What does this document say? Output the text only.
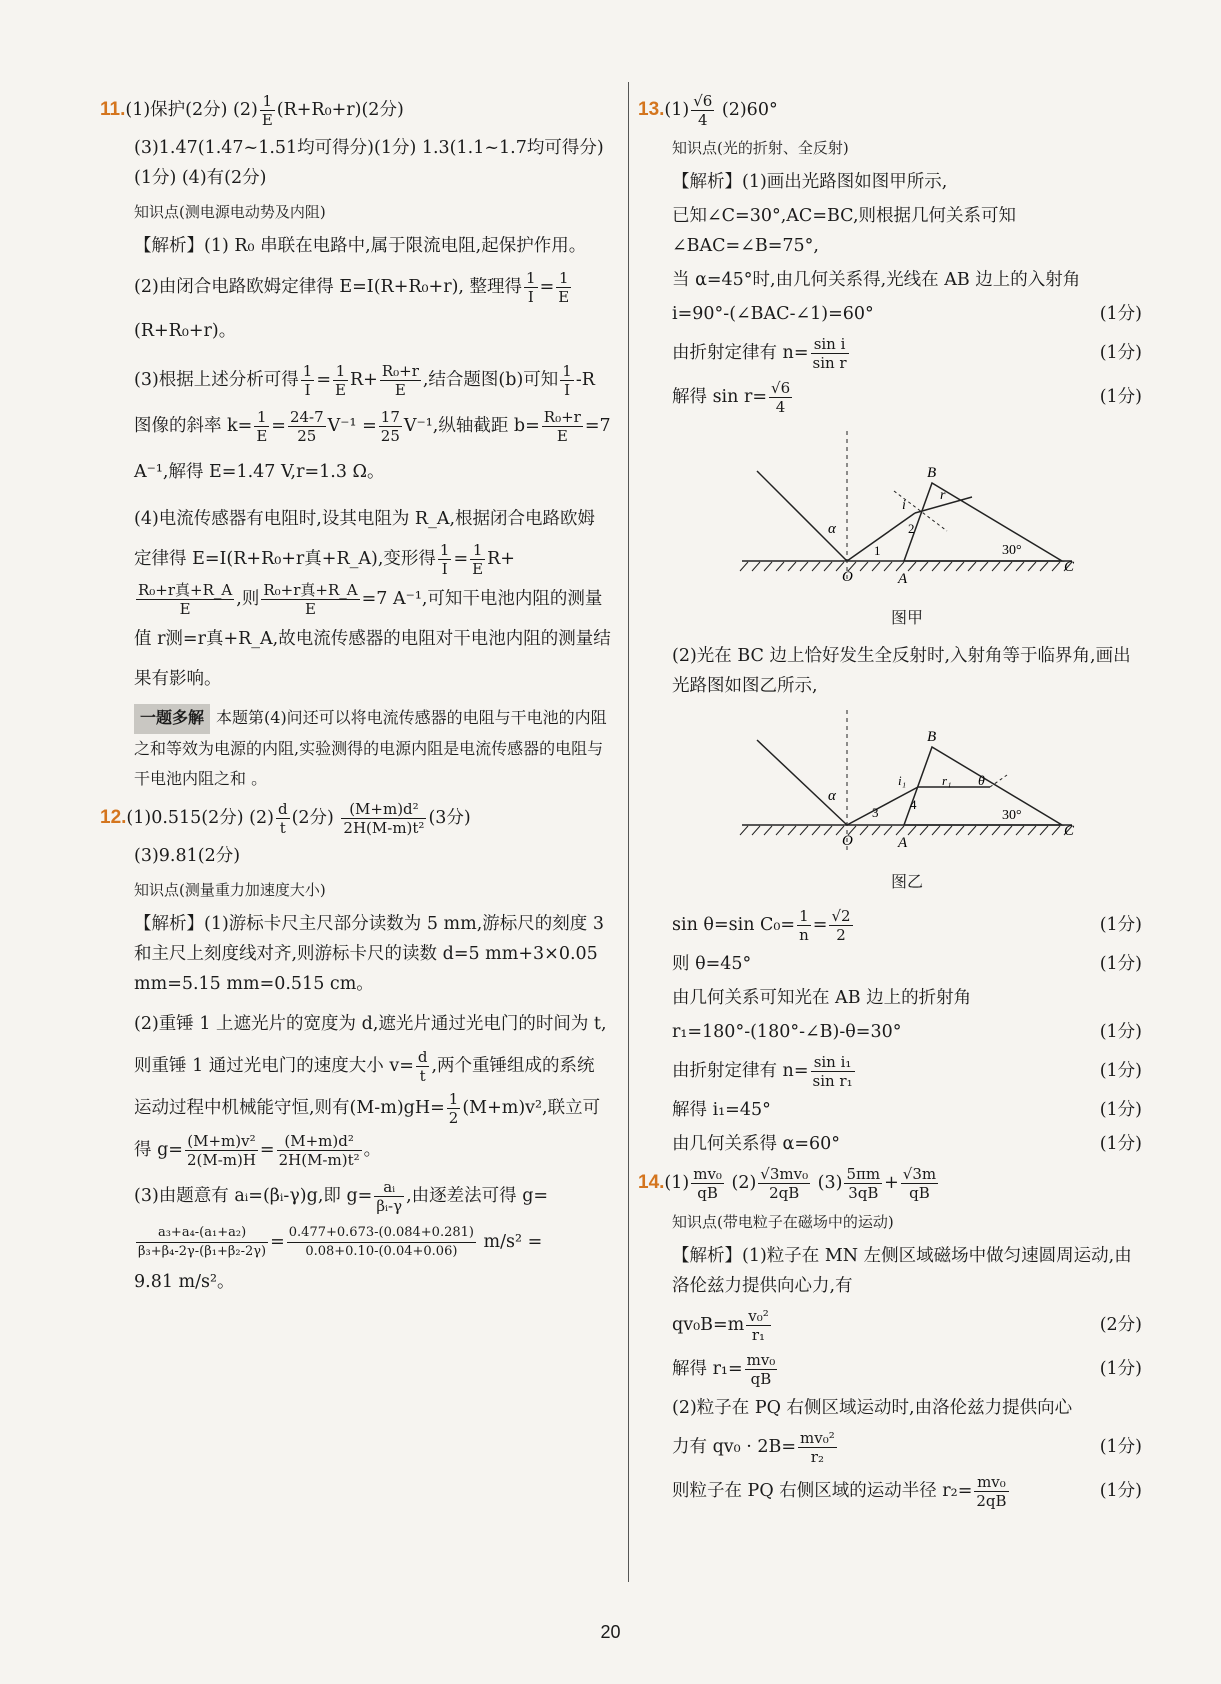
11.(1)保护(2分) $(2) \frac{1}{E} (R+R_0+r)(2$分)
(3)1.47(1.47~1.51均可得分)(1分) 1.3(1.1~1.7均可得分)(1分) (4)有(2分)
知识点(测电源电动势及内阻)
【解析】(1) R₀ 串联在电路中,属于限流电阻,起保护作用。
(2)由闭合电路欧姆定律得 E=I(R+R₀+r), 整理得 $\frac{1}{I} = \frac{1}{E}$
(R+R₀+r)。
(3)根据上述分析可得 $\frac{1}{I} = \frac{1}{E} R+ \frac{\text{R₀+r}}{E}$ ,结合题图(b)可知 $\frac{1}{I} -R$ 图像的斜率 $k= \frac{1}{E} = \frac{24-7}{25} V^{-1} = \frac{17}{25} V^{-1}$,纵轴截距 $b= \frac{\text{R₀+r}}{E} =7$ A⁻¹,解得 E=1.47 V,r=1.3 Ω。
(4)电流传感器有电阻时,设其电阻为 R_A,根据闭合电路欧姆定律得 E=I(R+R₀+r真+R_A),变形得 $\frac{1}{I} = \frac{1}{E} R+$
$\frac{\text{R₀+r真+R\_A}}{E}$ ,则 $\frac{\text{R₀+r真+R\_A}}{E} =7$ A⁻¹,可知干电池内阻的测量值 r测=r真+R_A,故电流传感器的电阻对干电池内阻的测量结果有影响。
一题多解 本题第(4)问还可以将电流传感器的电阻与干电池的内阻之和等效为电源的内阻,实验测得的电源内阻是电流传感器的电阻与干电池内阻之和 。
12.(1)0.515(2分) $(2) \frac{d}{t} (2$分) $\frac{\text{(M+m)d²}}{\text{2H(M-m)t²}} (3$分)
(3)9.81(2分)
知识点(测量重力加速度大小)
【解析】(1)游标卡尺主尺部分读数为 5 mm,游标尺的刻度 3 和主尺上刻度线对齐,则游标卡尺的读数 d=5 mm+3×0.05 mm=5.15 mm=0.515 cm。
(2)重锤 1 上遮光片的宽度为 d,遮光片通过光电门的时间为 t,则重锤 1 通过光电门的速度大小 $v= \frac{d}{t}$ ,两个重锤组成的系统运动过程中机械能守恒,则有$(M-m)gH= \frac{1}{2} (M+m)v^2$,联立可得 $g= \frac{\text{(M+m)v²}}{2(M-m)H} = \frac{\text{(M+m)d²}}{\text{2H(M-m)t²}}$ 。
(3)由题意有 aᵢ=(βᵢ-γ)g,即 $g= \frac{\text{aᵢ}}{\text{βᵢ-γ}}$ ,由逐差法可得 g=
$\frac{\text{a₃+a₄-(a₁+a₂)}}{\text{β₃+β₄-2γ-(β₁+β₂-2γ)}} = \frac{0.477+0.673-(0.084+0.281)}{0.08+0.10-(0.04+0.06)} m/s^2$ =
9.81 m/s²。
$13.(1) \frac{√6}{4} (2)60^\circ$
知识点(光的折射、全反射)
【解析】(1)画出光路图如图甲所示,
已知∠C=30°,AC=BC,则根据几何关系可知∠BAC=∠B=75°,
当 α=45°时,由几何关系得,光线在 AB 边上的入射角
i=90°-(∠BAC-∠1)=60°	(1分)
由折射定律有 $n= \frac{\text{sin i}}{\text{sin r}}$	(1分)
解得 $\sin r= \frac{√6}{4}$	(1分)
O	A
B
C
α
i
r
1
2
30°
图甲
(2)光在 BC 边上恰好发生全反射时,入射角等于临界角,画出光路图如图乙所示,
O	A
B
C
α
i₁	r₁ θ
3
4
30°
图乙
sin θ=sin $C_0= \frac{1}{n} = \frac{√2}{2}$	(1分)
则 θ=45°	(1分)
由几何关系可知光在 AB 边上的折射角
r₁=180°-(180°-∠B)-θ=30°	(1分)
由折射定律有 $n= \frac{\text{sin i₁}}{\text{sin r₁}}$	(1分)
解得 i₁=45°	(1分)
由几何关系得 α=60°	(1分)
$14.(1) \frac{\text{mv₀}}{qB} (2) \frac{\text{√3mv₀}}{2qB} (3) \frac{5\pi m}{3qB} + \frac{√3m}{qB}$
知识点(带电粒子在磁场中的运动)
【解析】(1)粒子在 MN 左侧区域磁场中做匀速圆周运动,由洛伦兹力提供向心力,有
$qv_0B=m \frac{\text{v₀²}}{\text{r₁}}$	(2分)
解得 $r_1= \frac{\text{mv₀}}{qB}$	(1分)
(2)粒子在 PQ 右侧区域运动时,由洛伦兹力提供向心
力有 $qv_0 \cdot 2B= \frac{\text{mv₀²}}{\text{r₂}}$	(1分)
则粒子在 PQ 右侧区域的运动半径 $r_2= \frac{\text{mv₀}}{2qB}$	(1分)
20
